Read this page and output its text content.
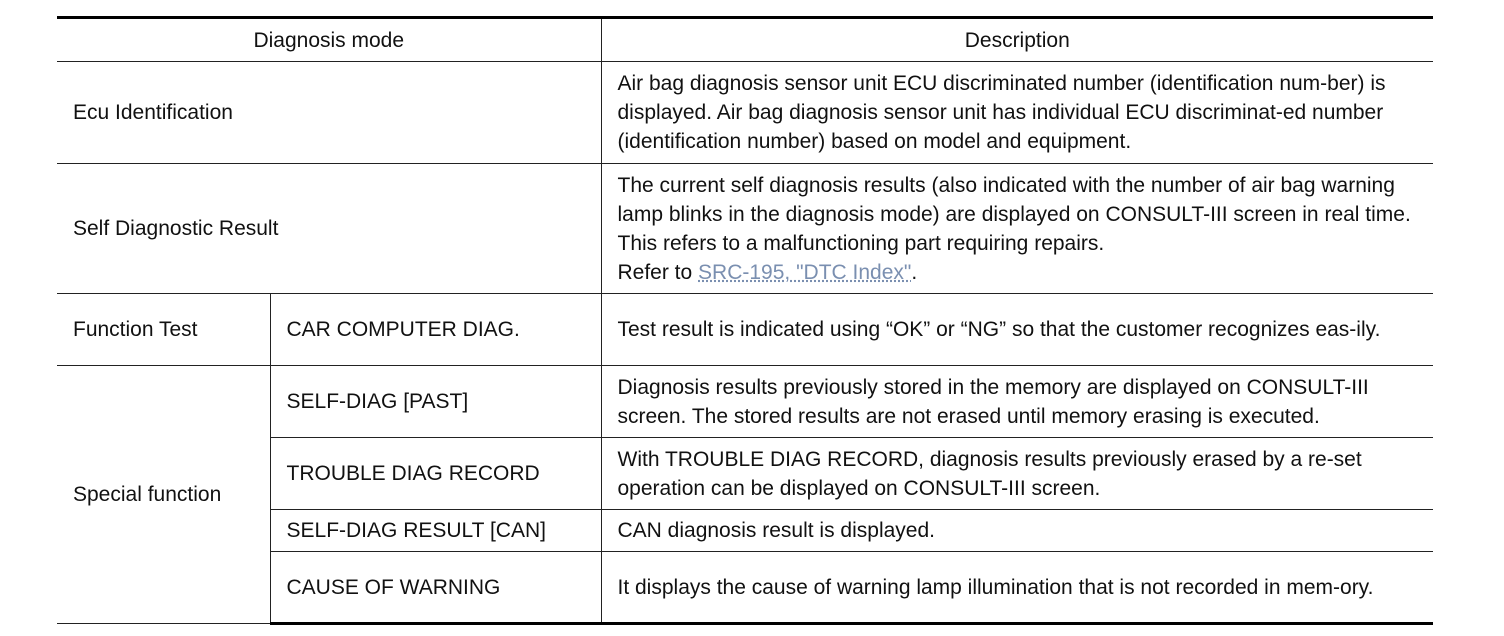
Diagnosis mode		Description
Ecu Identification		Air bag diagnosis sensor unit ECU discriminated number (identification num-ber) is displayed. Air bag diagnosis sensor unit has individual ECU discriminat-ed number (identification number) based on model and equipment.
Self Diagnostic Result		The current self diagnosis results (also indicated with the number of air bag warning lamp blinks in the diagnosis mode) are displayed on CONSULT-III screen in real time. This refers to a malfunctioning part requiring repairs.
Refer to SRC-195, "DTC Index".
Function Test	CAR COMPUTER DIAG.	Test result is indicated using “OK” or “NG” so that the customer recognizes eas-ily.
Special function	SELF-DIAG [PAST]	Diagnosis results previously stored in the memory are displayed on CONSULT-III screen. The stored results are not erased until memory erasing is executed.
	TROUBLE DIAG RECORD	With TROUBLE DIAG RECORD, diagnosis results previously erased by a re-set operation can be displayed on CONSULT-III screen.
	SELF-DIAG RESULT [CAN]	CAN diagnosis result is displayed.
	CAUSE OF WARNING	It displays the cause of warning lamp illumination that is not recorded in mem-ory.
